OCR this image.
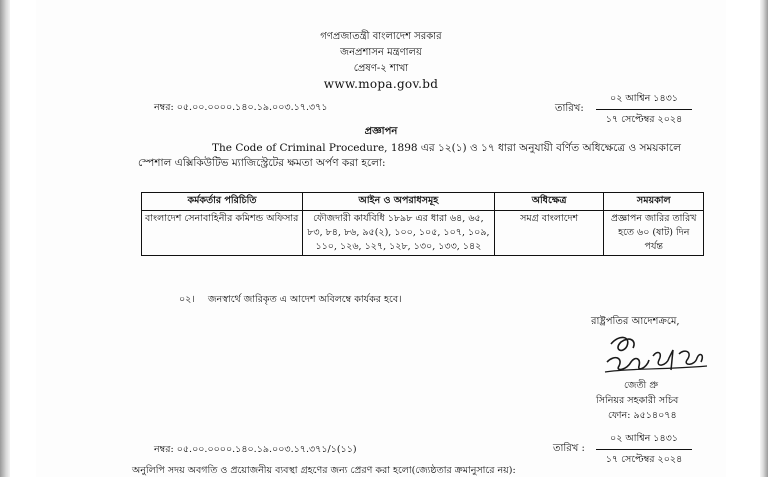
গণপ্রজাতন্ত্রী বাংলাদেশ সরকার
জনপ্রশাসন মন্ত্রণালয়
প্রেষণ-২ শাখা
www.mopa.gov.bd
নম্বর: ০৫.০০.০০০০.১৪০.১৯.০০৩.১৭.৩৭১	তারিখ:
০২ আশ্বিন ১৪৩১
১৭ সেপ্টেম্বর ২০২৪
প্রজ্ঞাপন
The Code of Criminal Procedure, 1898 এর ১২(১) ও ১৭ ধারা অনুযায়ী বর্ণিত অধিক্ষেত্রে ও সময়কালে
স্পেশাল এক্সিকিউটিভ ম্যাজিস্ট্রেটের ক্ষমতা অর্পণ করা হলো:
কর্মকর্তার পরিচিতি	আইন ও অপরাধসমূহ	অধিক্ষেত্র	সময়কাল
বাংলাদেশ সেনাবাহিনীর কমিশন্ড অফিসার	ফৌজদারী কার্যবিধি ১৮৯৮ এর ধারা ৬৪, ৬৫, ৮৩, ৮৪, ৮৬, ৯৫(২), ১০০, ১০৫, ১০৭, ১০৯, ১১০, ১২৬, ১২৭, ১২৮, ১৩০, ১৩৩, ১৪২	সমগ্র বাংলাদেশ	প্রজ্ঞাপন জারির তারিখ হতে ৬০ (ষাট) দিন পর্যন্ত
০২। জনস্বার্থে জারিকৃত এ আদেশ অবিলম্বে কার্যকর হবে।
রাষ্ট্রপতির আদেশক্রমে,
জেতী প্রু
সিনিয়র সহকারী সচিব
ফোন: ৯৫১৪০৭৪
নম্বর: ০৫.০০.০০০০.১৪০.১৯.০০৩.১৭.৩৭১/১(১১)	তারিখ :
০২ আশ্বিন ১৪৩১
১৭ সেপ্টেম্বর ২০২৪
অনুলিপি সদয় অবগতি ও প্রয়োজনীয় ব্যবস্থা গ্রহণের জন্য প্রেরণ করা হলো(জ্যেষ্ঠতার ক্রমানুসারে নয়):
